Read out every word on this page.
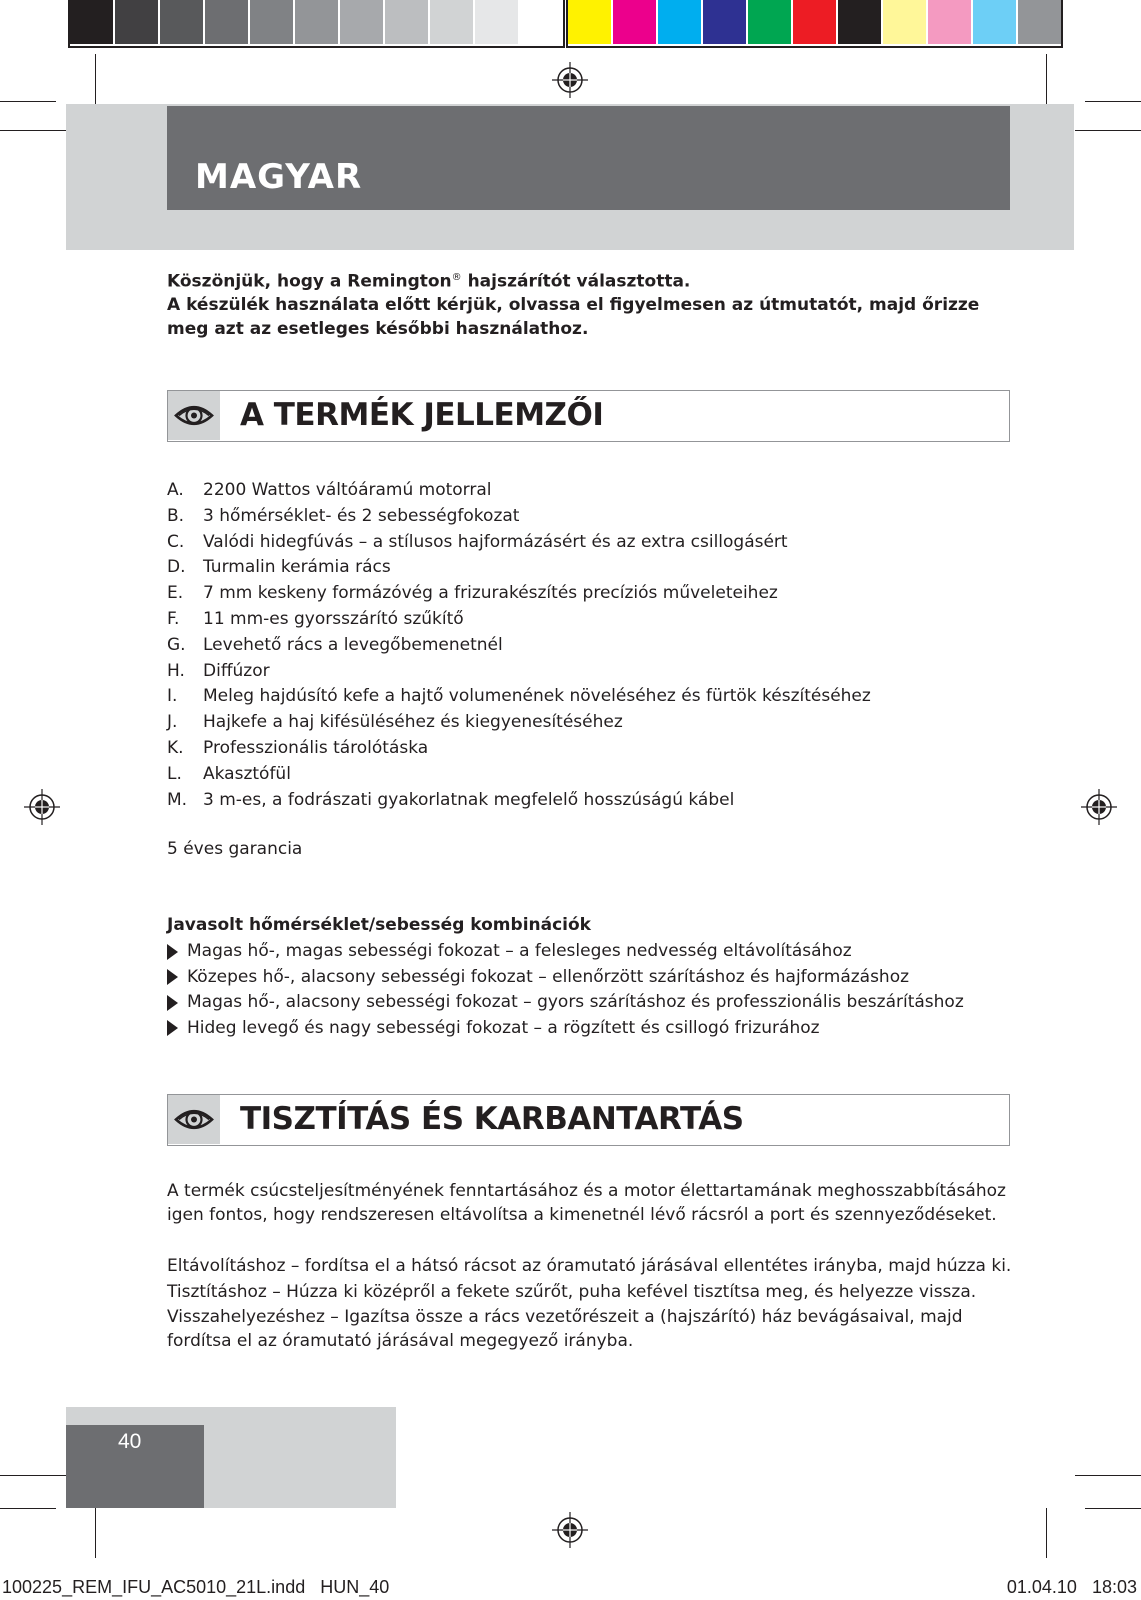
MAGYAR

Köszönjük, hogy a Remington® hajszárítót választotta.

A készülék használata előtt kérjük, olvassa el figyelmesen az útmutatót, majd őrizze meg azt az esetleges későbbi használathoz.

A TERMÉK JELLEMZŐI
A.	2200 Wattos váltóáramú motorral
B.	3 hőmérséklet- és 2 sebességfokozat
C.	Valódi hidegfúvás – a stílusos hajformázásért és az extra csillogásért
D.	Turmalin kerámia rács
E.	7 mm keskeny formázóvég a frizurakészítés precíziós műveleteihez
F.	11 mm-es gyorsszárító szűkítő
G.	Levehető rács a levegőbemenetnél
H.	Diffúzor
I.	Meleg hajdúsító kefe a hajtő volumenének növeléséhez és fürtök készítéséhez
J.	Hajkefe a haj kifésüléséhez és kiegyenesítéséhez
K.	Professzionális tárolótáska
L.	Akasztófül
M. 3 m-es, a fodrászati gyakorlatnak megfelelő hosszúságú kábel
5 éves garancia
Javasolt hőmérséklet/sebesség kombinációk
Magas hő-, magas sebességi fokozat – a felesleges nedvesség eltávolításához
Közepes hő-, alacsony sebességi fokozat – ellenőrzött szárításhoz és hajformázáshoz
Magas hő-, alacsony sebességi fokozat – gyors szárításhoz és professzionális beszárításhoz
Hideg levegő és nagy sebességi fokozat – a rögzített és csillogó frizurához
TISZTÍTÁS ÉS KARBANTARTÁS
A termék csúcsteljesítményének fenntartásához és a motor élettartamának meghosszabbításához igen fontos, hogy rendszeresen eltávolítsa a kimenetnél lévő rácsról a port és szennyeződéseket.

Eltávolításhoz – fordítsa el a hátsó rácsot az óramutató járásával ellentétes irányba, majd húzza ki.

Tisztításhoz – Húzza ki középről a fekete szűrőt, puha kefével tisztítsa meg, és helyezze vissza.

Visszahelyezéshez – Igazítsa össze a rács vezetőrészeit a (hajszárító) ház bevágásaival, majd fordítsa el az óramutató járásával megegyező irányba.

40
100225_REM_IFU_AC5010_21L.indd   HUN_40	01.04.10   18:03
